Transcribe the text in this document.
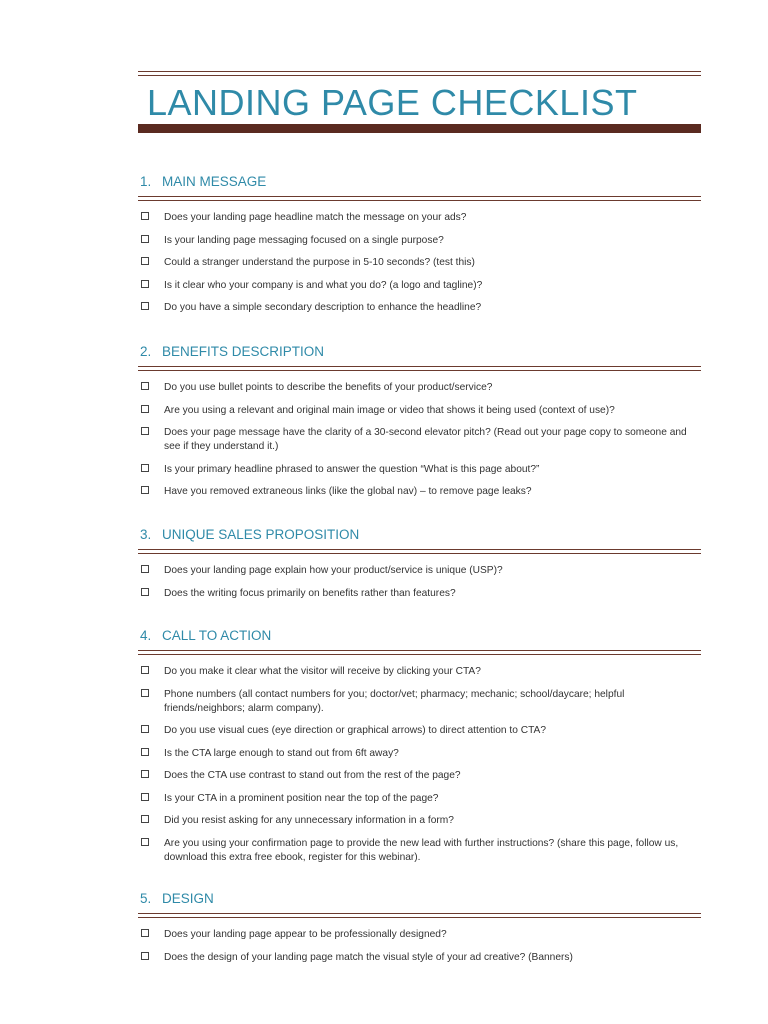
LANDING PAGE CHECKLIST
1. MAIN MESSAGE
Does your landing page headline match the message on your ads?
Is your landing page messaging focused on a single purpose?
Could a stranger understand the purpose in 5-10 seconds? (test this)
Is it clear who your company is and what you do? (a logo and tagline)?
Do you have a simple secondary description to enhance the headline?
2. BENEFITS DESCRIPTION
Do you use bullet points to describe the benefits of your product/service?
Are you using a relevant and original main image or video that shows it being used (context of use)?
Does your page message have the clarity of a 30-second elevator pitch? (Read out your page copy to someone and see if they understand it.)
Is your primary headline phrased to answer the question “What is this page about?”
Have you removed extraneous links (like the global nav) – to remove page leaks?
3. UNIQUE SALES PROPOSITION
Does your landing page explain how your product/service is unique (USP)?
Does the writing focus primarily on benefits rather than features?
4. CALL TO ACTION
Do you make it clear what the visitor will receive by clicking your CTA?
Phone numbers (all contact numbers for you; doctor/vet; pharmacy; mechanic; school/daycare; helpful friends/neighbors; alarm company).
Do you use visual cues (eye direction or graphical arrows) to direct attention to CTA?
Is the CTA large enough to stand out from 6ft away?
Does the CTA use contrast to stand out from the rest of the page?
Is your CTA in a prominent position near the top of the page?
Did you resist asking for any unnecessary information in a form?
Are you using your confirmation page to provide the new lead with further instructions? (share this page, follow us, download this extra free ebook, register for this webinar).
5. DESIGN
Does your landing page appear to be professionally designed?
Does the design of your landing page match the visual style of your ad creative? (Banners)
